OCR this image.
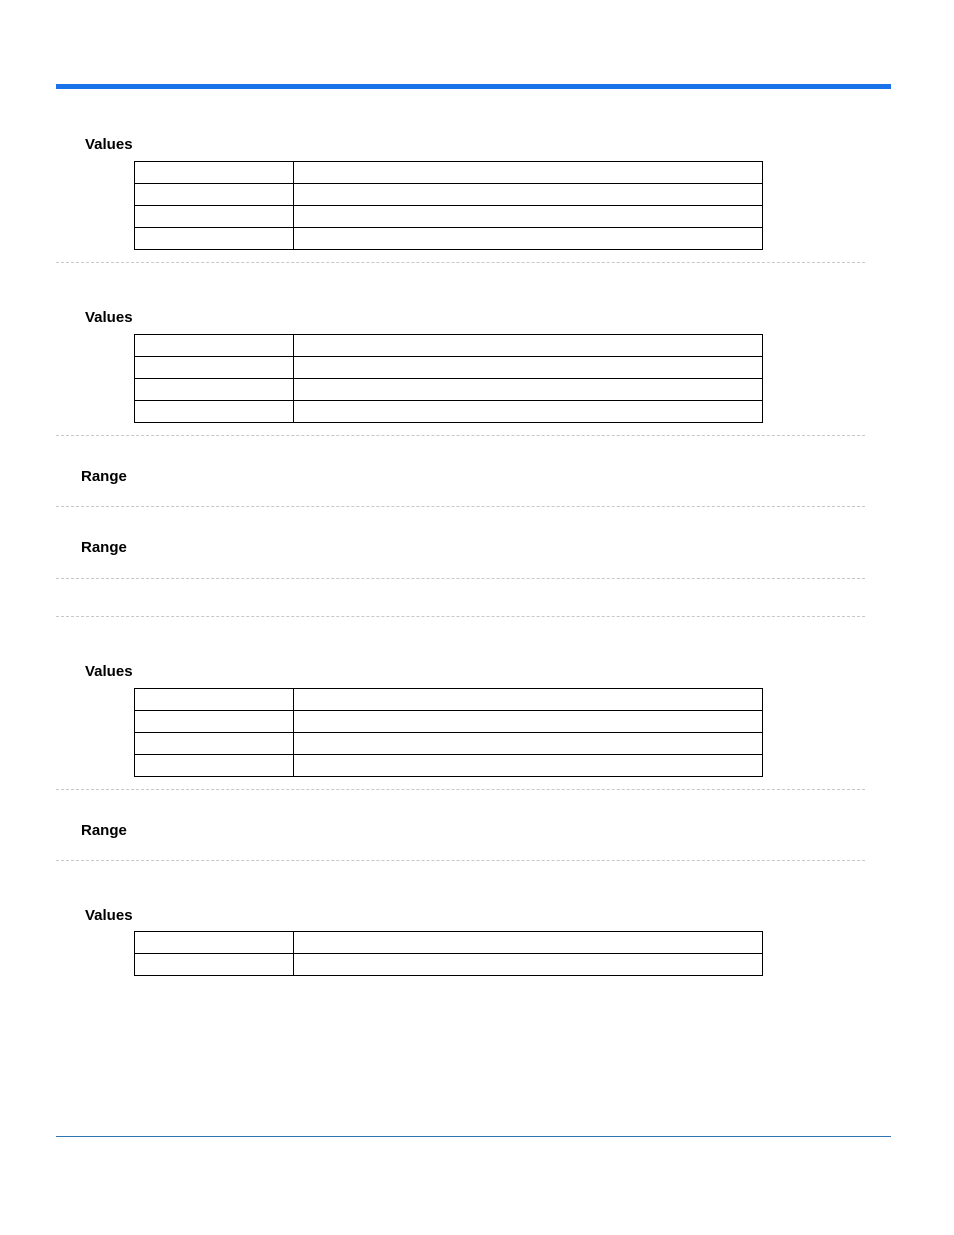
Values

Values

Range
Range
Values

Range
Values
